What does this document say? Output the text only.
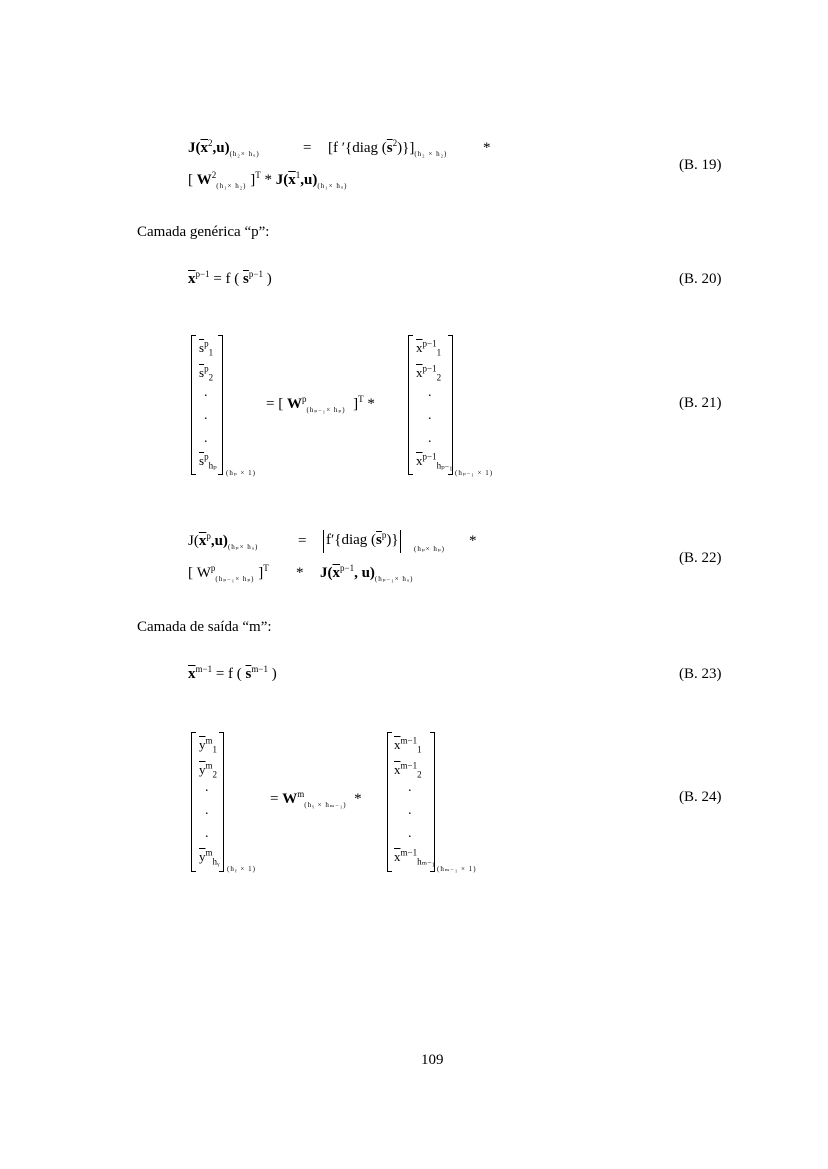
$J(\overline{x}^2,u)_{(h_2\times hᵤ)}$	= [f ′{diag $(\overline{s}^2)\}]_{(h_2 \times h_2)}$ *
[ $W^2_{(h_1\times h_2)}$ ]$^T * J(\overline{x}^1,u)_{(h_1\times hᵤ)}$
(B. 19)
Camada genérica “p”:
$\overline{x}^{p-1} = f$ ( $\overline{s}^{p-1}$ )	(B. 20)
$\overline{s}^p_1$
$\overline{s}^p_2$
.
.
.
$\overline{s}^p_{h_p}$
(hₚ × 1)
= [ $W^p_{(h_{p-1}\times h_p)}$ ]$^T$ *
$\overline{x}^{p-1}_1$
$\overline{x}^{p-1}_2$
.
.
.
$\overline{x}^{p-1}_{h_{p-1}}$
(hₚ₋₁ × 1)
(B. 21)
$J(\overline{x}^p,u)_{(h_p\times hᵤ)}$	= f′{diag $(\overline{s}^p)$}
(hₚ× hₚ) *
[ $W^p_{(h_{p-1}\times h_p)}$ ]$^T * J(\overline{x}^{p-1}$, $u)_{(h_{p-1}\times hᵤ)}$
(B. 22)
Camada de saída “m”:
$\overline{x}^{m-1} = f$ ( $\overline{s}^{m-1}$ )	(B. 23)
$\overline{y}^m_1$
$\overline{y}^m_2$
.
.
.
$\overline{y}^m_{hᵧ}$
(hᵧ × 1)
= $W^m_{(hᵧ \times h_{m-1})}$ *
$\overline{x}^{m-1}_1$
$\overline{x}^{m-1}_2$
.
.
.
$\overline{x}^{m-1}_{h_{m-1}}$
(hₘ₋₁ × 1)
(B. 24)
109
